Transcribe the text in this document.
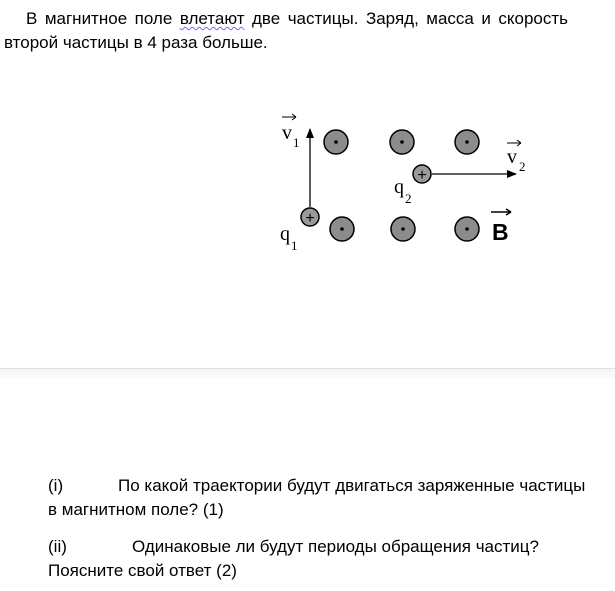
В магнитное поле влетают две частицы. Заряд, масса и скорость второй частицы в 4 раза больше.

+
+
v 1
v 2
q
1
q
2
B

(i)	По какой траектории будут двигаться заряженные частицы в магнитном поле? (1)

(ii)	Одинаковые ли будут периоды обращения частиц? Поясните свой ответ (2)
